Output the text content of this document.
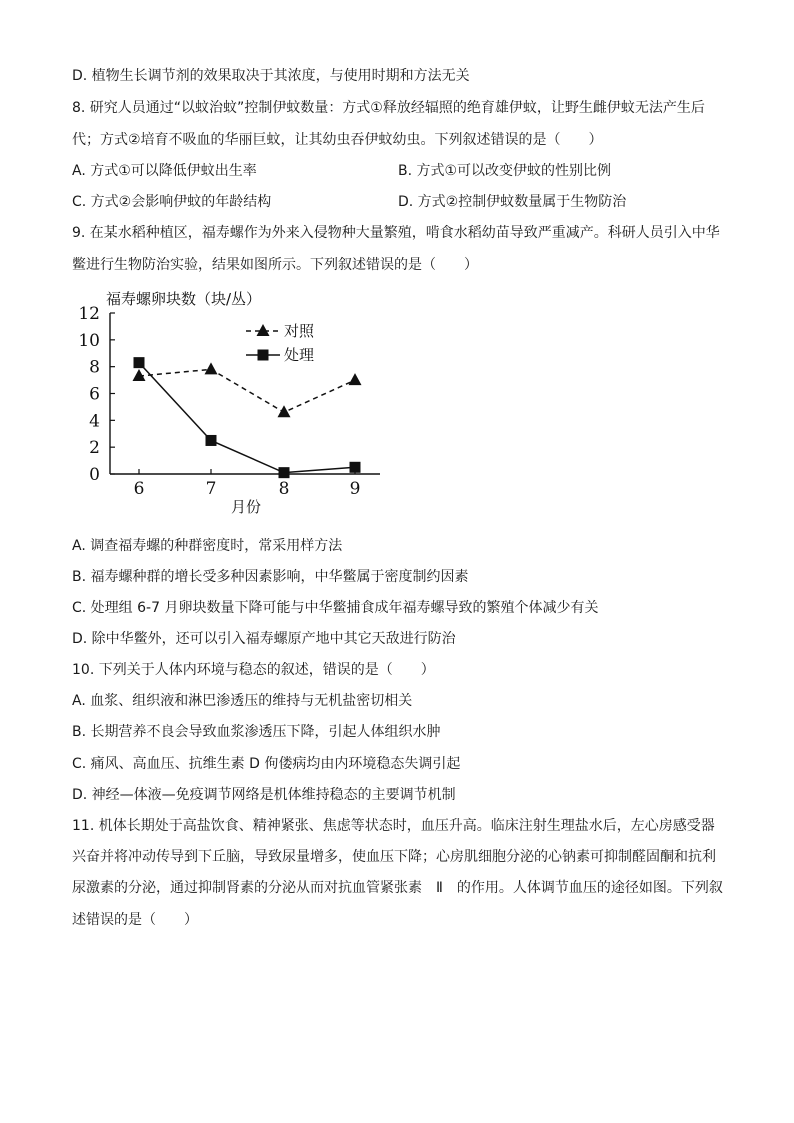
D. 植物生长调节剂的效果取决于其浓度，与使用时期和方法无关
8. 研究人员通过“以蚊治蚊”控制伊蚊数量：方式①释放经辐照的绝育雄伊蚊，让野生雌伊蚊无法产生后
代；方式②培育不吸血的华丽巨蚊，让其幼虫吞伊蚊幼虫。下列叙述错误的是（　　）
A. 方式①可以降低伊蚊出生率	B. 方式①可以改变伊蚊的性别比例
C. 方式②会影响伊蚊的年龄结构	D. 方式②控制伊蚊数量属于生物防治
9. 在某水稻种植区，福寿螺作为外来入侵物种大量繁殖，啃食水稻幼苗导致严重减产。科研人员引入中华
鳖进行生物防治实验，结果如图所示。下列叙述错误的是（　　）
福寿螺卵块数（块/丛）
0
2
4
6
8
10
12
6	7	8	9
月份
对照
处理
A. 调查福寿螺的种群密度时，常采用样方法
B. 福寿螺种群的增长受多种因素影响，中华鳖属于密度制约因素
C. 处理组 6-7 月卵块数量下降可能与中华鳖捕食成年福寿螺导致的繁殖个体减少有关
D. 除中华鳖外，还可以引入福寿螺原产地中其它天敌进行防治
10. 下列关于人体内环境与稳态的叙述，错误的是（　　）
A. 血浆、组织液和淋巴渗透压的维持与无机盐密切相关
B. 长期营养不良会导致血浆渗透压下降，引起人体组织水肿
C. 痛风、高血压、抗维生素 D 佝偻病均由内环境稳态失调引起
D. 神经—体液—免疫调节网络是机体维持稳态的主要调节机制
11. 机体长期处于高盐饮食、精神紧张、焦虑等状态时，血压升高。临床注射生理盐水后，左心房感受器
兴奋并将冲动传导到下丘脑，导致尿量增多，使血压下降；心房肌细胞分泌的心钠素可抑制醛固酮和抗利
尿激素的分泌，通过抑制肾素的分泌从而对抗血管紧张素　Ⅱ　的作用。人体调节血压的途径如图。下列叙
述错误的是（　　）
